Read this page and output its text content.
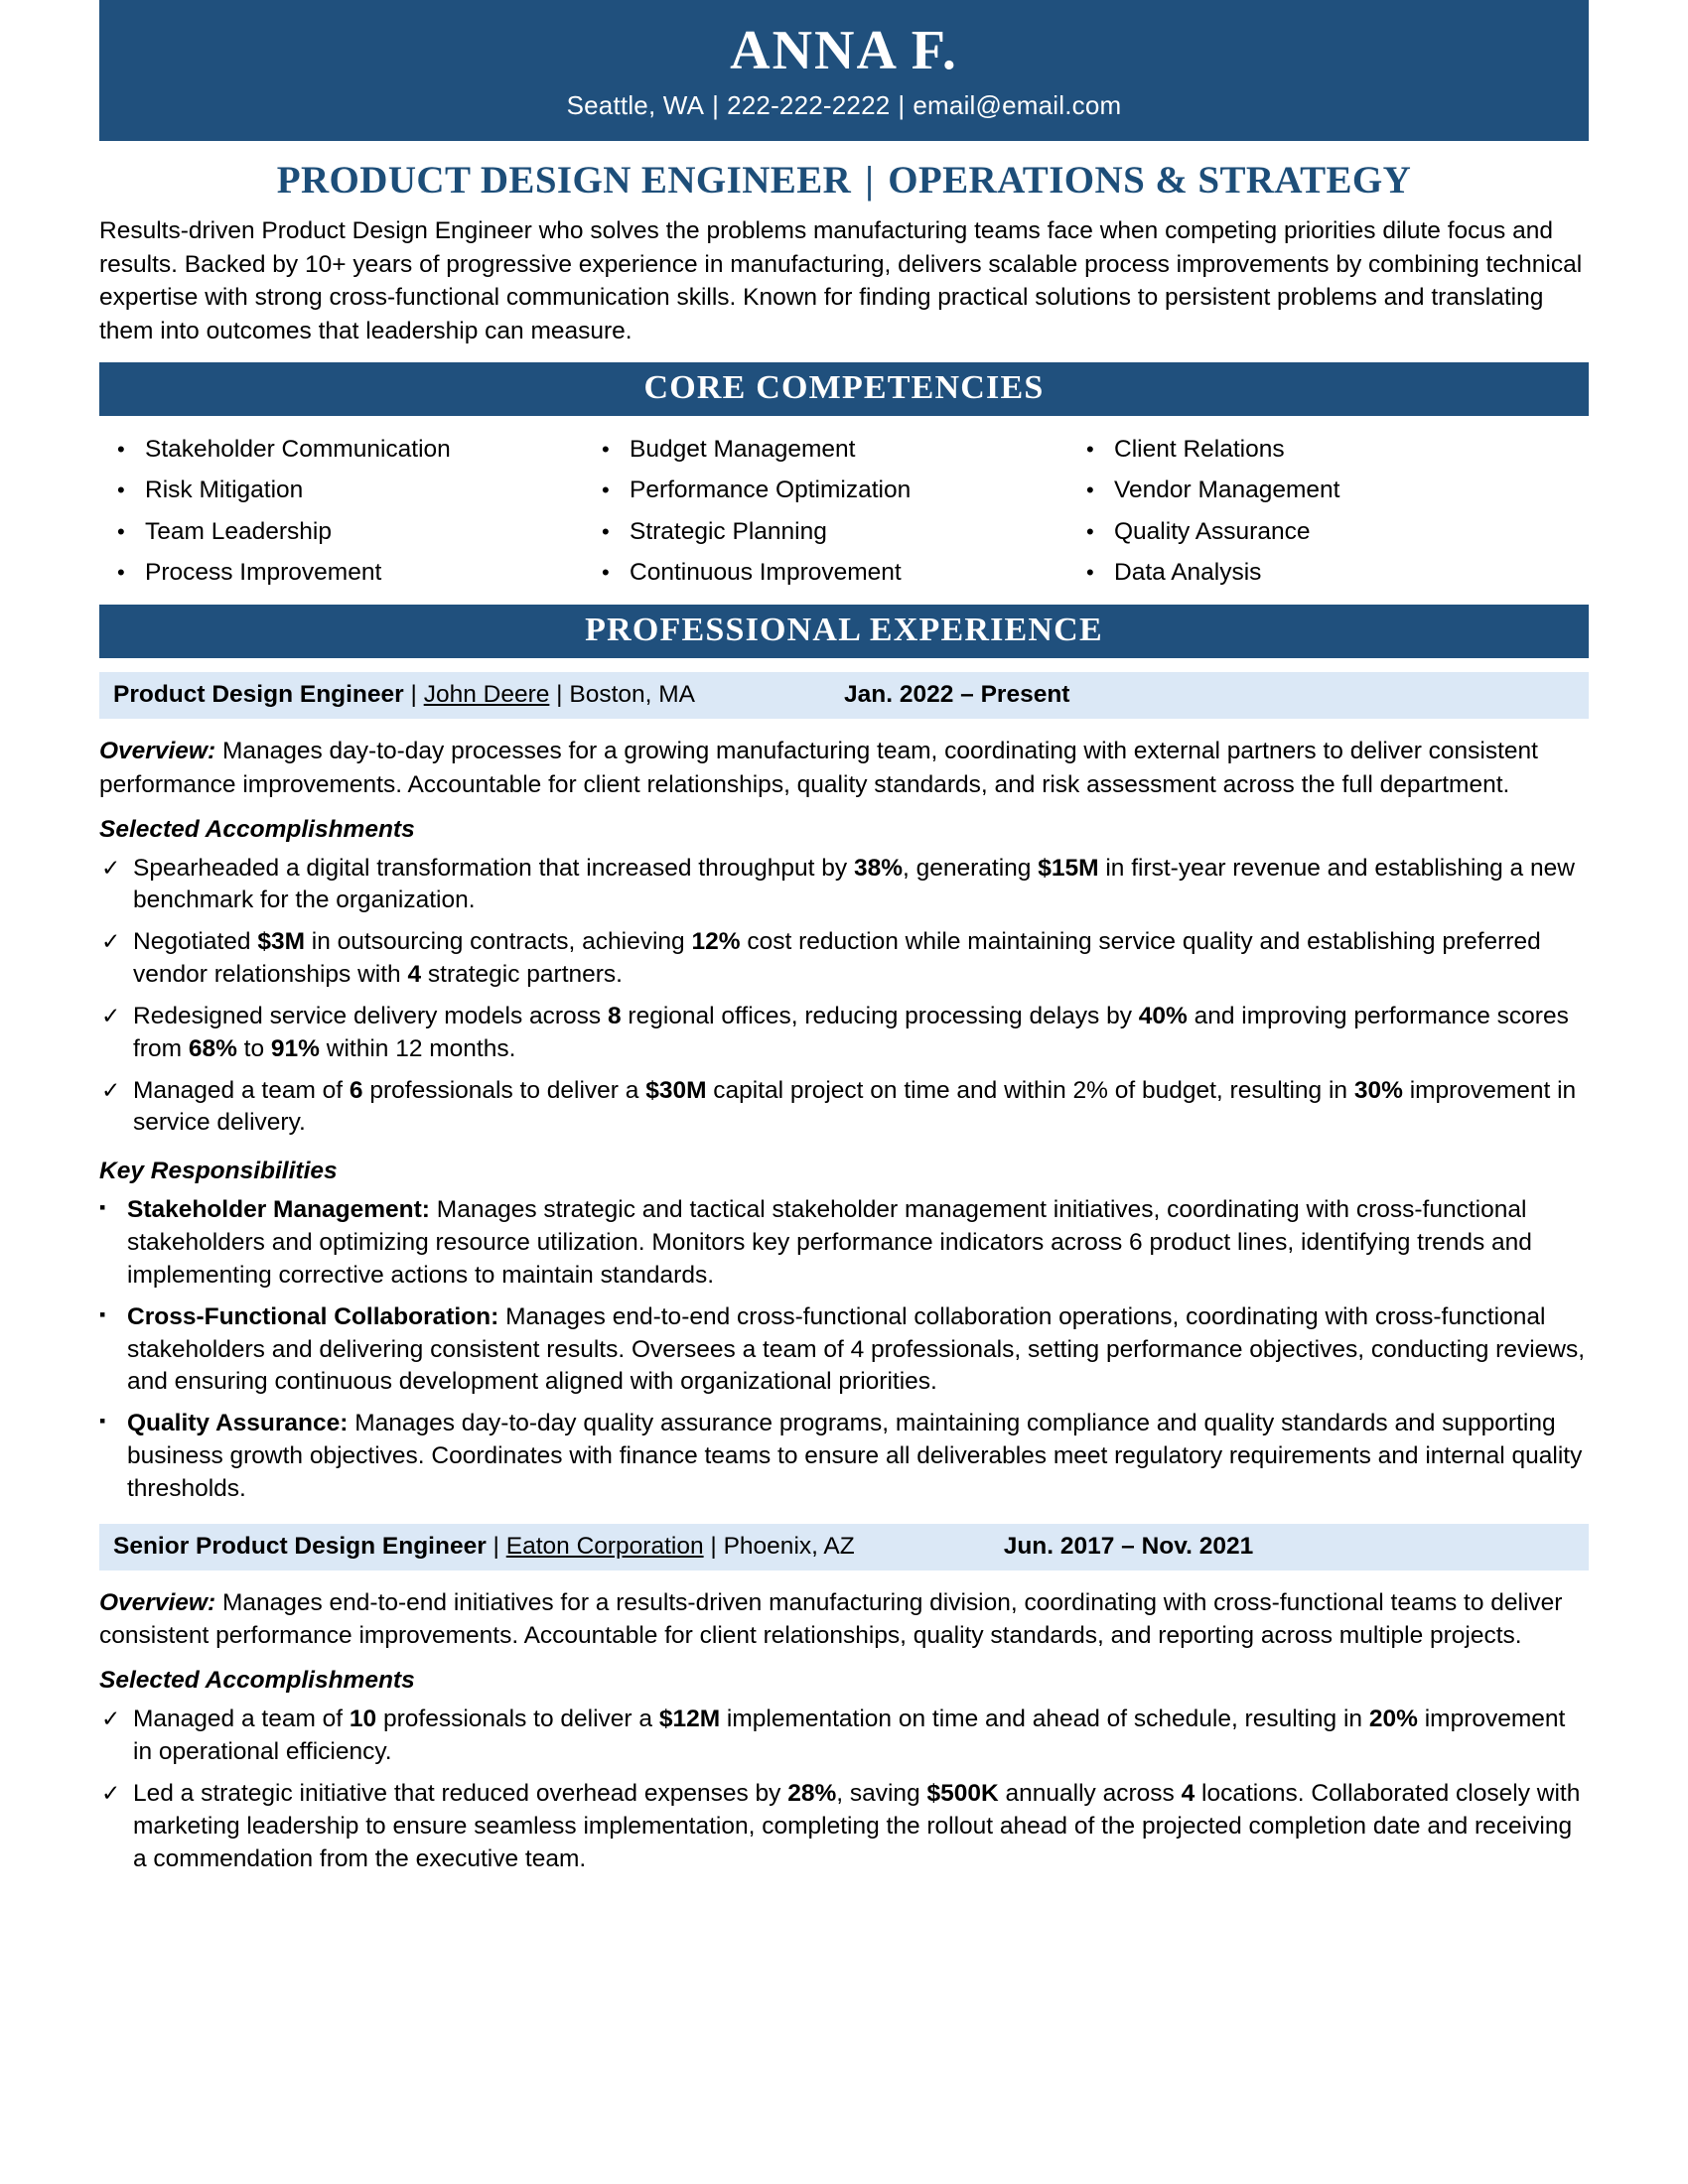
ANNA F.
Seattle, WA | 222-222-2222 | email@email.com
PRODUCT DESIGN ENGINEER | OPERATIONS & STRATEGY
Results-driven Product Design Engineer who solves the problems manufacturing teams face when competing priorities dilute focus and results. Backed by 10+ years of progressive experience in manufacturing, delivers scalable process improvements by combining technical expertise with strong cross-functional communication skills. Known for finding practical solutions to persistent problems and translating them into outcomes that leadership can measure.
CORE COMPETENCIES
• Stakeholder Communication
• Risk Mitigation
• Team Leadership
• Process Improvement
• Budget Management
• Performance Optimization
• Strategic Planning
• Continuous Improvement
• Client Relations
• Vendor Management
• Quality Assurance
• Data Analysis
PROFESSIONAL EXPERIENCE
Product Design Engineer | John Deere | Boston, MA	Jan. 2022 – Present
Overview: Manages day-to-day processes for a growing manufacturing team, coordinating with external partners to deliver consistent performance improvements. Accountable for client relationships, quality standards, and risk assessment across the full department.
Selected Accomplishments
✓ Spearheaded a digital transformation that increased throughput by 38%, generating $15M in first-year revenue and establishing a new benchmark for the organization.
✓ Negotiated $3M in outsourcing contracts, achieving 12% cost reduction while maintaining service quality and establishing preferred vendor relationships with 4 strategic partners.
✓ Redesigned service delivery models across 8 regional offices, reducing processing delays by 40% and improving performance scores from 68% to 91% within 12 months.
✓ Managed a team of 6 professionals to deliver a $30M capital project on time and within 2% of budget, resulting in 30% improvement in service delivery.
Key Responsibilities
▪ Stakeholder Management: Manages strategic and tactical stakeholder management initiatives, coordinating with cross-functional stakeholders and optimizing resource utilization. Monitors key performance indicators across 6 product lines, identifying trends and implementing corrective actions to maintain standards.
▪ Cross-Functional Collaboration: Manages end-to-end cross-functional collaboration operations, coordinating with cross-functional stakeholders and delivering consistent results. Oversees a team of 4 professionals, setting performance objectives, conducting reviews, and ensuring continuous development aligned with organizational priorities.
▪ Quality Assurance: Manages day-to-day quality assurance programs, maintaining compliance and quality standards and supporting business growth objectives. Coordinates with finance teams to ensure all deliverables meet regulatory requirements and internal quality thresholds.
Senior Product Design Engineer | Eaton Corporation | Phoenix, AZ	Jun. 2017 – Nov. 2021
Overview: Manages end-to-end initiatives for a results-driven manufacturing division, coordinating with cross-functional teams to deliver consistent performance improvements. Accountable for client relationships, quality standards, and reporting across multiple projects.
Selected Accomplishments
✓ Managed a team of 10 professionals to deliver a $12M implementation on time and ahead of schedule, resulting in 20% improvement in operational efficiency.
✓ Led a strategic initiative that reduced overhead expenses by 28%, saving $500K annually across 4 locations. Collaborated closely with marketing leadership to ensure seamless implementation, completing the rollout ahead of the projected completion date and receiving a commendation from the executive team.
